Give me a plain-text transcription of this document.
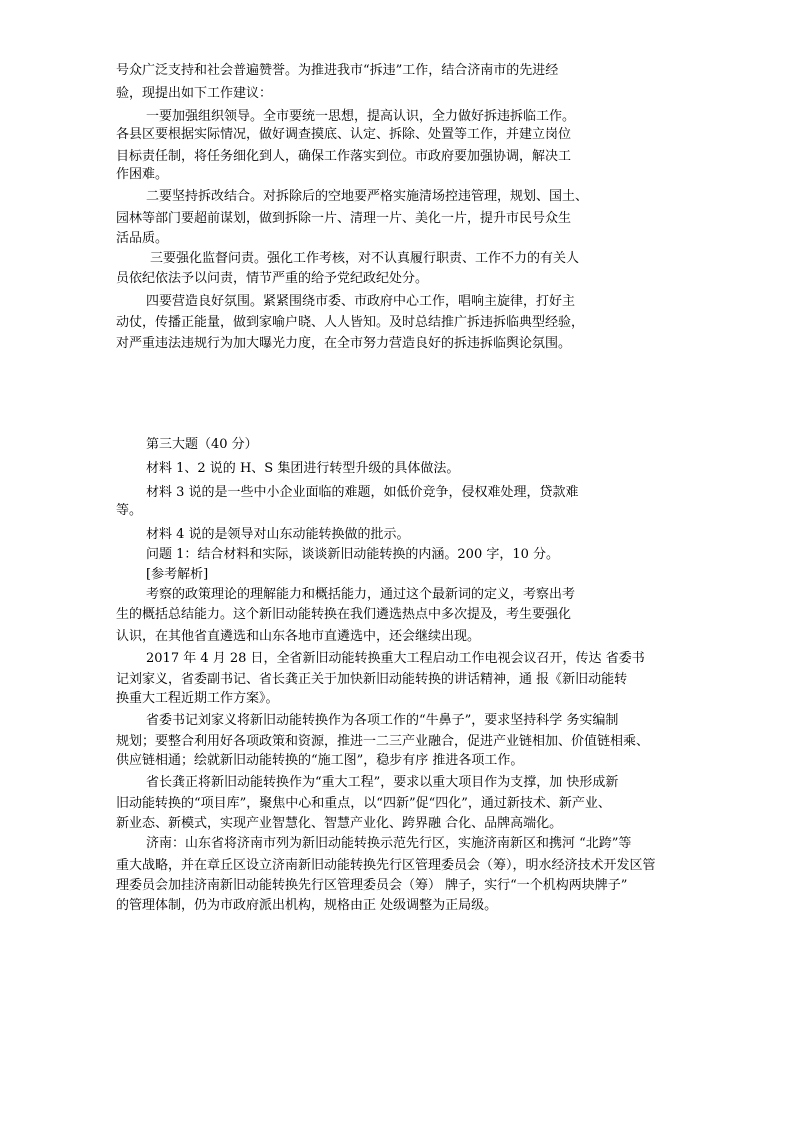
号众广泛支持和社会普遍赞誉。为推进我市“拆违”工作，结合济南市的先进经
验，现提出如下工作建议：
一要加强组织领导。全市要统一思想，提高认识，全力做好拆违拆临工作。
各县区要根据实际情况，做好调查摸底、认定、拆除、处置等工作，并建立岗位
目标责任制，将任务细化到人，确保工作落实到位。市政府要加强协调，解决工
作困难。
二要坚持拆改结合。对拆除后的空地要严格实施清场控违管理，规划、国土、
园林等部门要超前谋划，做到拆除一片、清理一片、美化一片，提升市民号众生
活品质。
三要强化监督问责。强化工作考核，对不认真履行职责、工作不力的有关人
员依纪依法予以问责，情节严重的给予党纪政纪处分。
四要营造良好氛围。紧紧围绕市委、市政府中心工作，唱响主旋律，打好主
动仗，传播正能量，做到家喻户晓、人人皆知。及时总结推广拆违拆临典型经验，
对严重违法违规行为加大曝光力度，在全市努力营造良好的拆违拆临舆论氛围。
第三大题（40 分）
材料 1、2 说的 H、S 集团进行转型升级的具体做法。
材料 3 说的是一些中小企业面临的难题，如低价竞争，侵权难处理，贷款难
等。
材料 4 说的是领导对山东动能转换做的批示。
问题 1：结合材料和实际，谈谈新旧动能转换的内涵。200 字，10 分。
[参考解析]
考察的政策理论的理解能力和概括能力，通过这个最新词的定义，考察出考
生的概括总结能力。这个新旧动能转换在我们遴选热点中多次提及，考生要强化
认识，在其他省直遴选和山东各地市直遴选中，还会继续出现。
2017 年 4 月 28 日，全省新旧动能转换重大工程启动工作电视会议召开，传达 省委书
记刘家义，省委副书记、省长龚正关于加快新旧动能转换的讲话精神，通 报《新旧动能转
换重大工程近期工作方案》。
省委书记刘家义将新旧动能转换作为各项工作的“牛鼻子”，要求坚持科学 务实编制
规划；要整合利用好各项政策和资源，推进一二三产业融合，促进产业链相加、价值链相乘、
供应链相通；绘就新旧动能转换的“施工图”，稳步有序 推进各项工作。
省长龚正将新旧动能转换作为“重大工程”，要求以重大项目作为支撑，加 快形成新
旧动能转换的“项目库”，聚焦中心和重点，以“四新”促“四化”，通过新技术、新产业、
新业态、新模式，实现产业智慧化、智慧产业化、跨界融 合化、品牌高端化。
济南：山东省将济南市列为新旧动能转换示范先行区，实施济南新区和携河 “北跨”等
重大战略，并在章丘区设立济南新旧动能转换先行区管理委员会（筹），明水经济技术开发区管
理委员会加挂济南新旧动能转换先行区管理委员会（筹） 牌子，实行“一个机构两块牌子”
的管理体制，仍为市政府派出机构，规格由正 处级调整为正局级。
